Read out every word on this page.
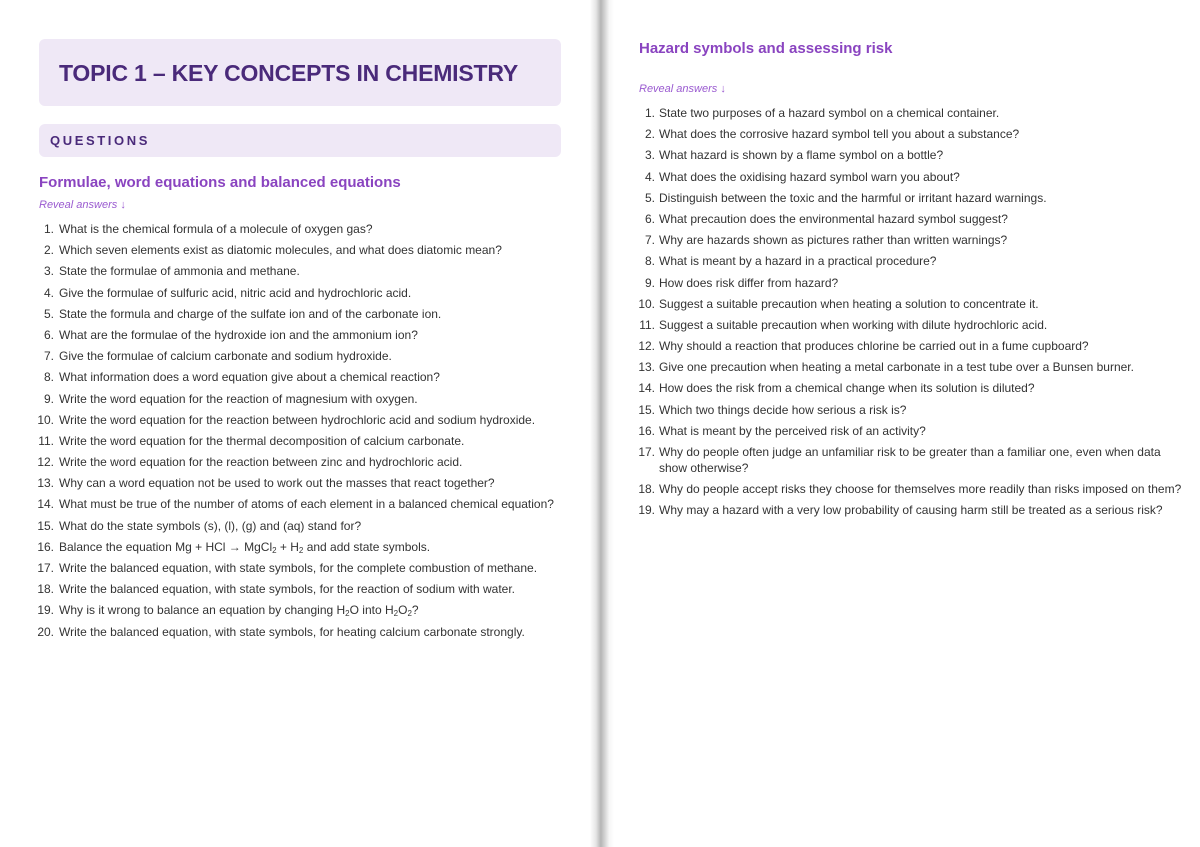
TOPIC 1 – KEY CONCEPTS IN CHEMISTRY
QUESTIONS
Formulae, word equations and balanced equations
Reveal answers ↓
1. What is the chemical formula of a molecule of oxygen gas?
2. Which seven elements exist as diatomic molecules, and what does diatomic mean?
3. State the formulae of ammonia and methane.
4. Give the formulae of sulfuric acid, nitric acid and hydrochloric acid.
5. State the formula and charge of the sulfate ion and of the carbonate ion.
6. What are the formulae of the hydroxide ion and the ammonium ion?
7. Give the formulae of calcium carbonate and sodium hydroxide.
8. What information does a word equation give about a chemical reaction?
9. Write the word equation for the reaction of magnesium with oxygen.
10. Write the word equation for the reaction between hydrochloric acid and sodium hydroxide.
11. Write the word equation for the thermal decomposition of calcium carbonate.
12. Write the word equation for the reaction between zinc and hydrochloric acid.
13. Why can a word equation not be used to work out the masses that react together?
14. What must be true of the number of atoms of each element in a balanced chemical equation?
15. What do the state symbols (s), (l), (g) and (aq) stand for?
16. Balance the equation Mg + HCl → MgCl$_2$ + $H_2$ and add state symbols.
17. Write the balanced equation, with state symbols, for the complete combustion of methane.
18. Write the balanced equation, with state symbols, for the reaction of sodium with water.
19. Why is it wrong to balance an equation by changing $H_2O$ into $H_2O_2$?
20. Write the balanced equation, with state symbols, for heating calcium carbonate strongly.
Hazard symbols and assessing risk

Reveal answers ↓
1. State two purposes of a hazard symbol on a chemical container.
2. What does the corrosive hazard symbol tell you about a substance?
3. What hazard is shown by a flame symbol on a bottle?
4. What does the oxidising hazard symbol warn you about?
5. Distinguish between the toxic and the harmful or irritant hazard warnings.
6. What precaution does the environmental hazard symbol suggest?
7. Why are hazards shown as pictures rather than written warnings?
8. What is meant by a hazard in a practical procedure?
9. How does risk differ from hazard?
10. Suggest a suitable precaution when heating a solution to concentrate it.
11. Suggest a suitable precaution when working with dilute hydrochloric acid.
12. Why should a reaction that produces chlorine be carried out in a fume cupboard?
13. Give one precaution when heating a metal carbonate in a test tube over a Bunsen burner.
14. How does the risk from a chemical change when its solution is diluted?
15. Which two things decide how serious a risk is?
16. What is meant by the perceived risk of an activity?
17. Why do people often judge an unfamiliar risk to be greater than a familiar one, even when data show otherwise?
18. Why do people accept risks they choose for themselves more readily than risks imposed on them?
19. Why may a hazard with a very low probability of causing harm still be treated as a serious risk?
